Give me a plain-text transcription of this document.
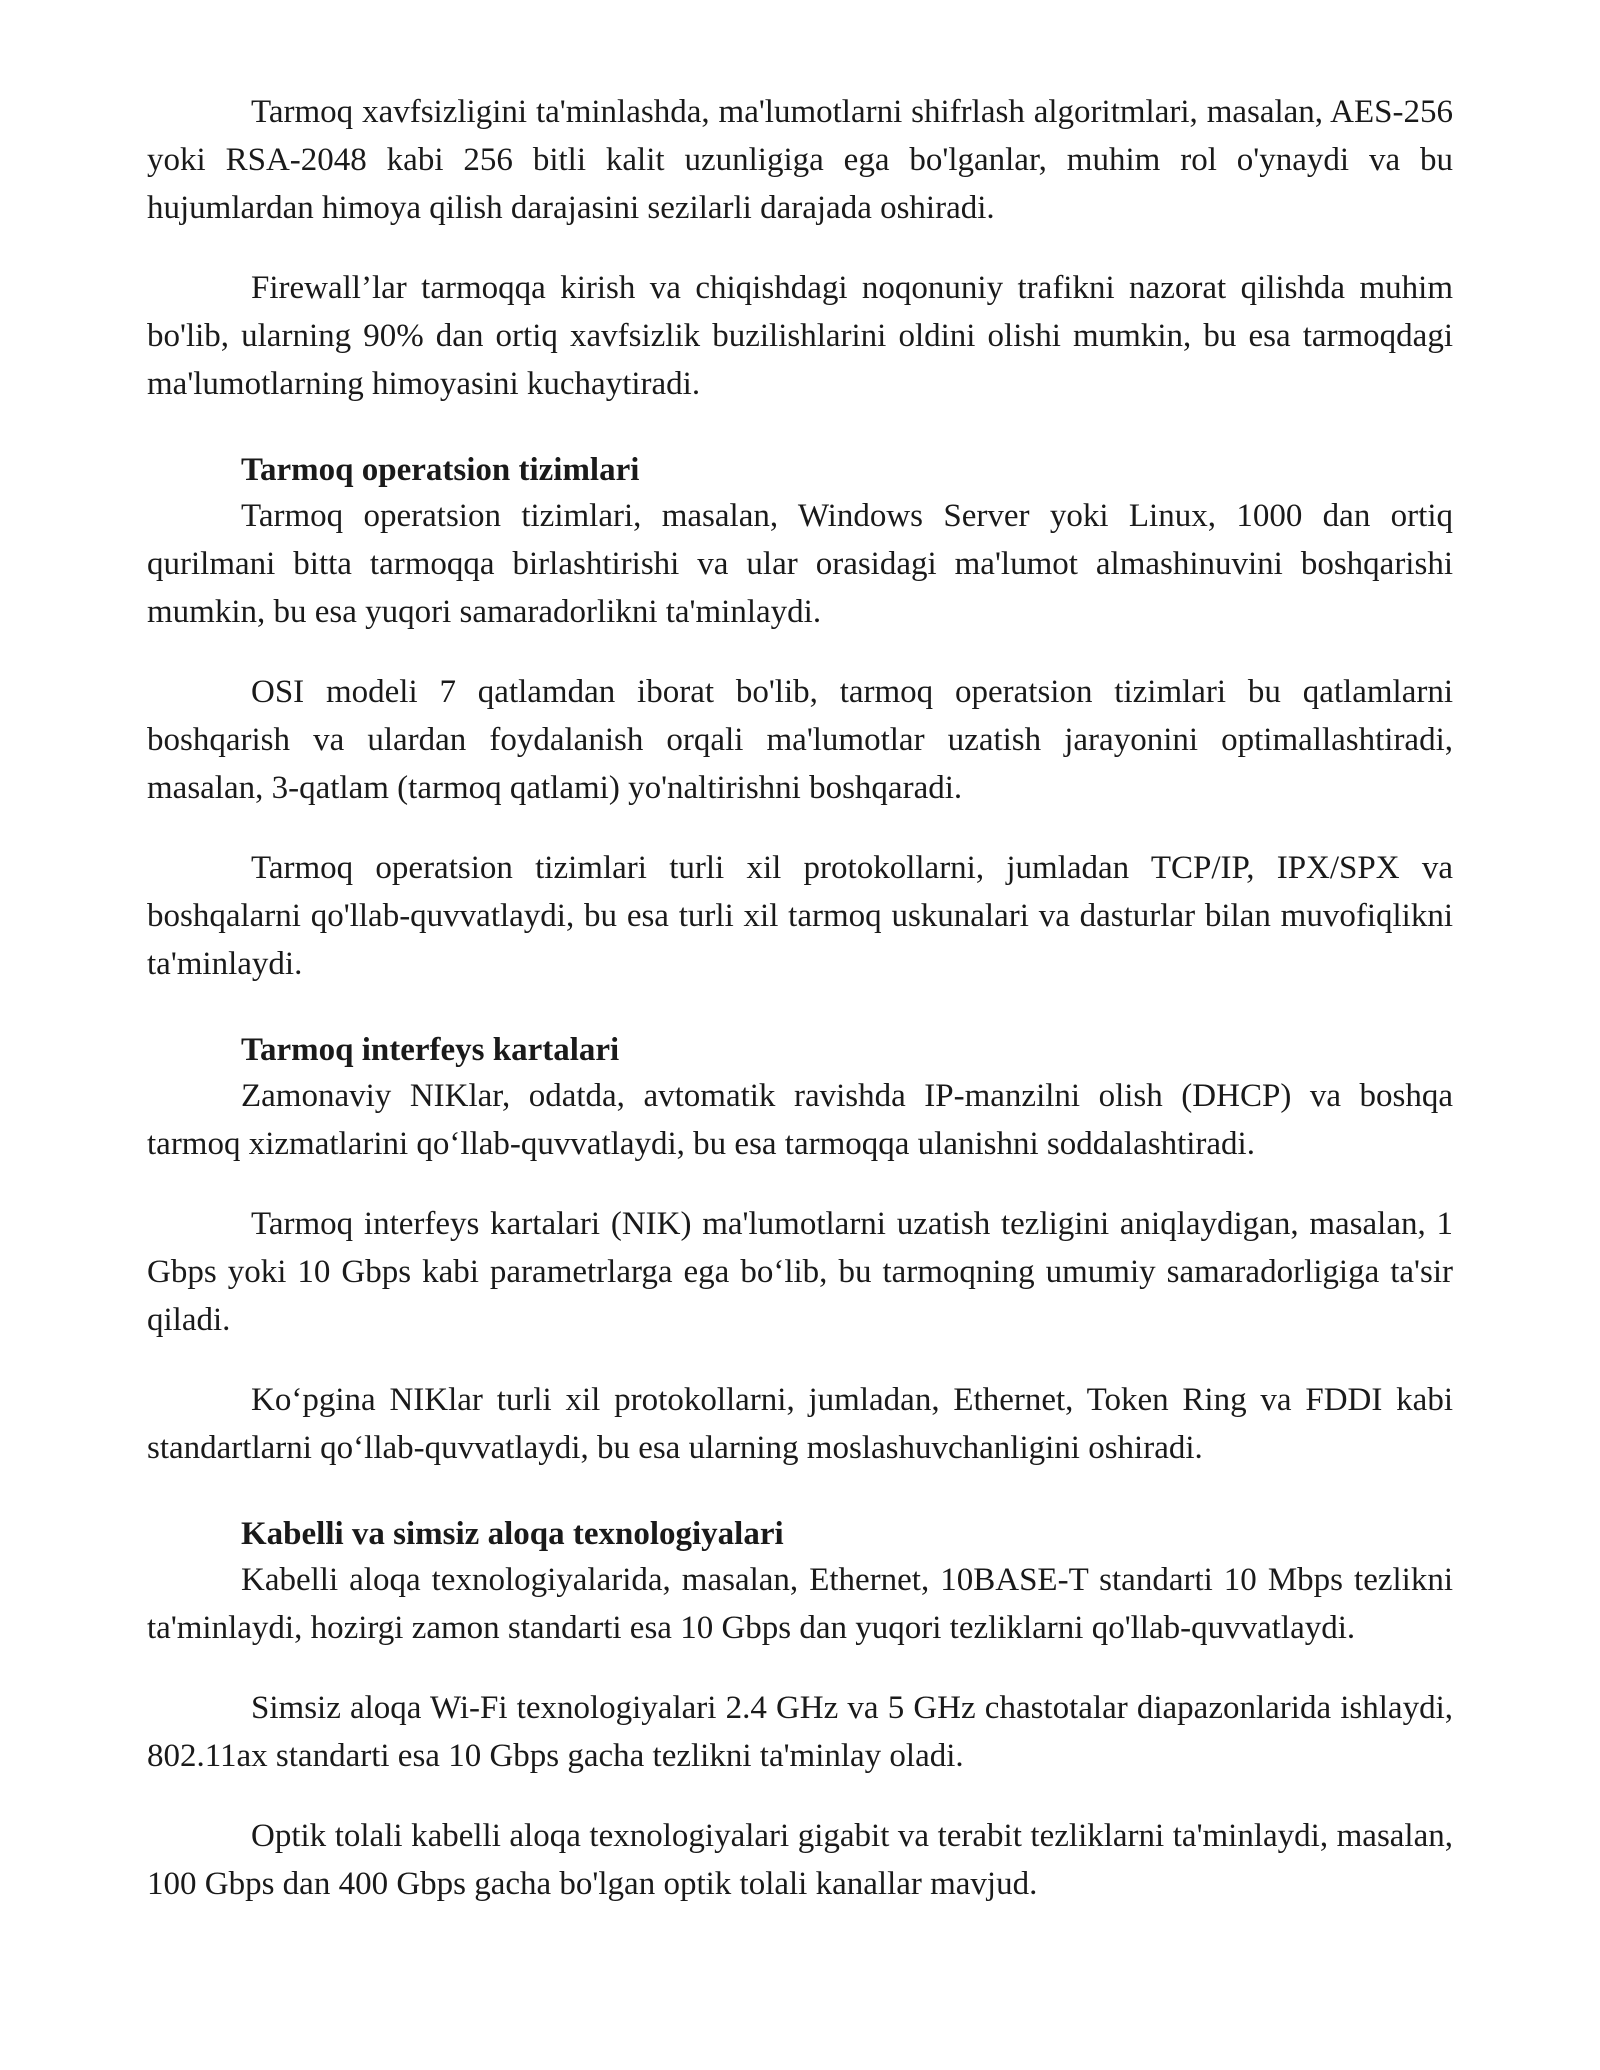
Tarmoq xavfsizligini ta'minlashda, ma'lumotlarni shifrlash algoritmlari, masalan, AES-256 yoki RSA-2048 kabi 256 bitli kalit uzunligiga ega bo'lganlar, muhim rol o'ynaydi va bu hujumlardan himoya qilish darajasini sezilarli darajada oshiradi.

Firewall’lar tarmoqqa kirish va chiqishdagi noqonuniy trafikni nazorat qilishda muhim bo'lib, ularning 90% dan ortiq xavfsizlik buzilishlarini oldini olishi mumkin, bu esa tarmoqdagi ma'lumotlarning himoyasini kuchaytiradi.

Tarmoq operatsion tizimlari

Tarmoq operatsion tizimlari, masalan, Windows Server yoki Linux, 1000 dan ortiq qurilmani bitta tarmoqqa birlashtirishi va ular orasidagi ma'lumot almashinuvini boshqarishi mumkin, bu esa yuqori samaradorlikni ta'minlaydi.

OSI modeli 7 qatlamdan iborat bo'lib, tarmoq operatsion tizimlari bu qatlamlarni boshqarish va ulardan foydalanish orqali ma'lumotlar uzatish jarayonini optimallashtiradi, masalan, 3-qatlam (tarmoq qatlami) yo'naltirishni boshqaradi.

Tarmoq operatsion tizimlari turli xil protokollarni, jumladan TCP/IP, IPX/SPX va boshqalarni qo'llab-quvvatlaydi, bu esa turli xil tarmoq uskunalari va dasturlar bilan muvofiqlikni ta'minlaydi.

Tarmoq interfeys kartalari

Zamonaviy NIKlar, odatda, avtomatik ravishda IP-manzilni olish (DHCP) va boshqa tarmoq xizmatlarini qo‘llab-quvvatlaydi, bu esa tarmoqqa ulanishni soddalashtiradi.

Tarmoq interfeys kartalari (NIK) ma'lumotlarni uzatish tezligini aniqlaydigan, masalan, 1 Gbps yoki 10 Gbps kabi parametrlarga ega bo‘lib, bu tarmoqning umumiy samaradorligiga ta'sir qiladi.

Ko‘pgina NIKlar turli xil protokollarni, jumladan, Ethernet, Token Ring va FDDI kabi standartlarni qo‘llab-quvvatlaydi, bu esa ularning moslashuvchanligini oshiradi.

Kabelli va simsiz aloqa texnologiyalari

Kabelli aloqa texnologiyalarida, masalan, Ethernet, 10BASE-T standarti 10 Mbps tezlikni ta'minlaydi, hozirgi zamon standarti esa 10 Gbps dan yuqori tezliklarni qo'llab-quvvatlaydi.

Simsiz aloqa Wi-Fi texnologiyalari 2.4 GHz va 5 GHz chastotalar diapazonlarida ishlaydi, 802.11ax standarti esa 10 Gbps gacha tezlikni ta'minlay oladi.

Optik tolali kabelli aloqa texnologiyalari gigabit va terabit tezliklarni ta'minlaydi, masalan, 100 Gbps dan 400 Gbps gacha bo'lgan optik tolali kanallar mavjud.
